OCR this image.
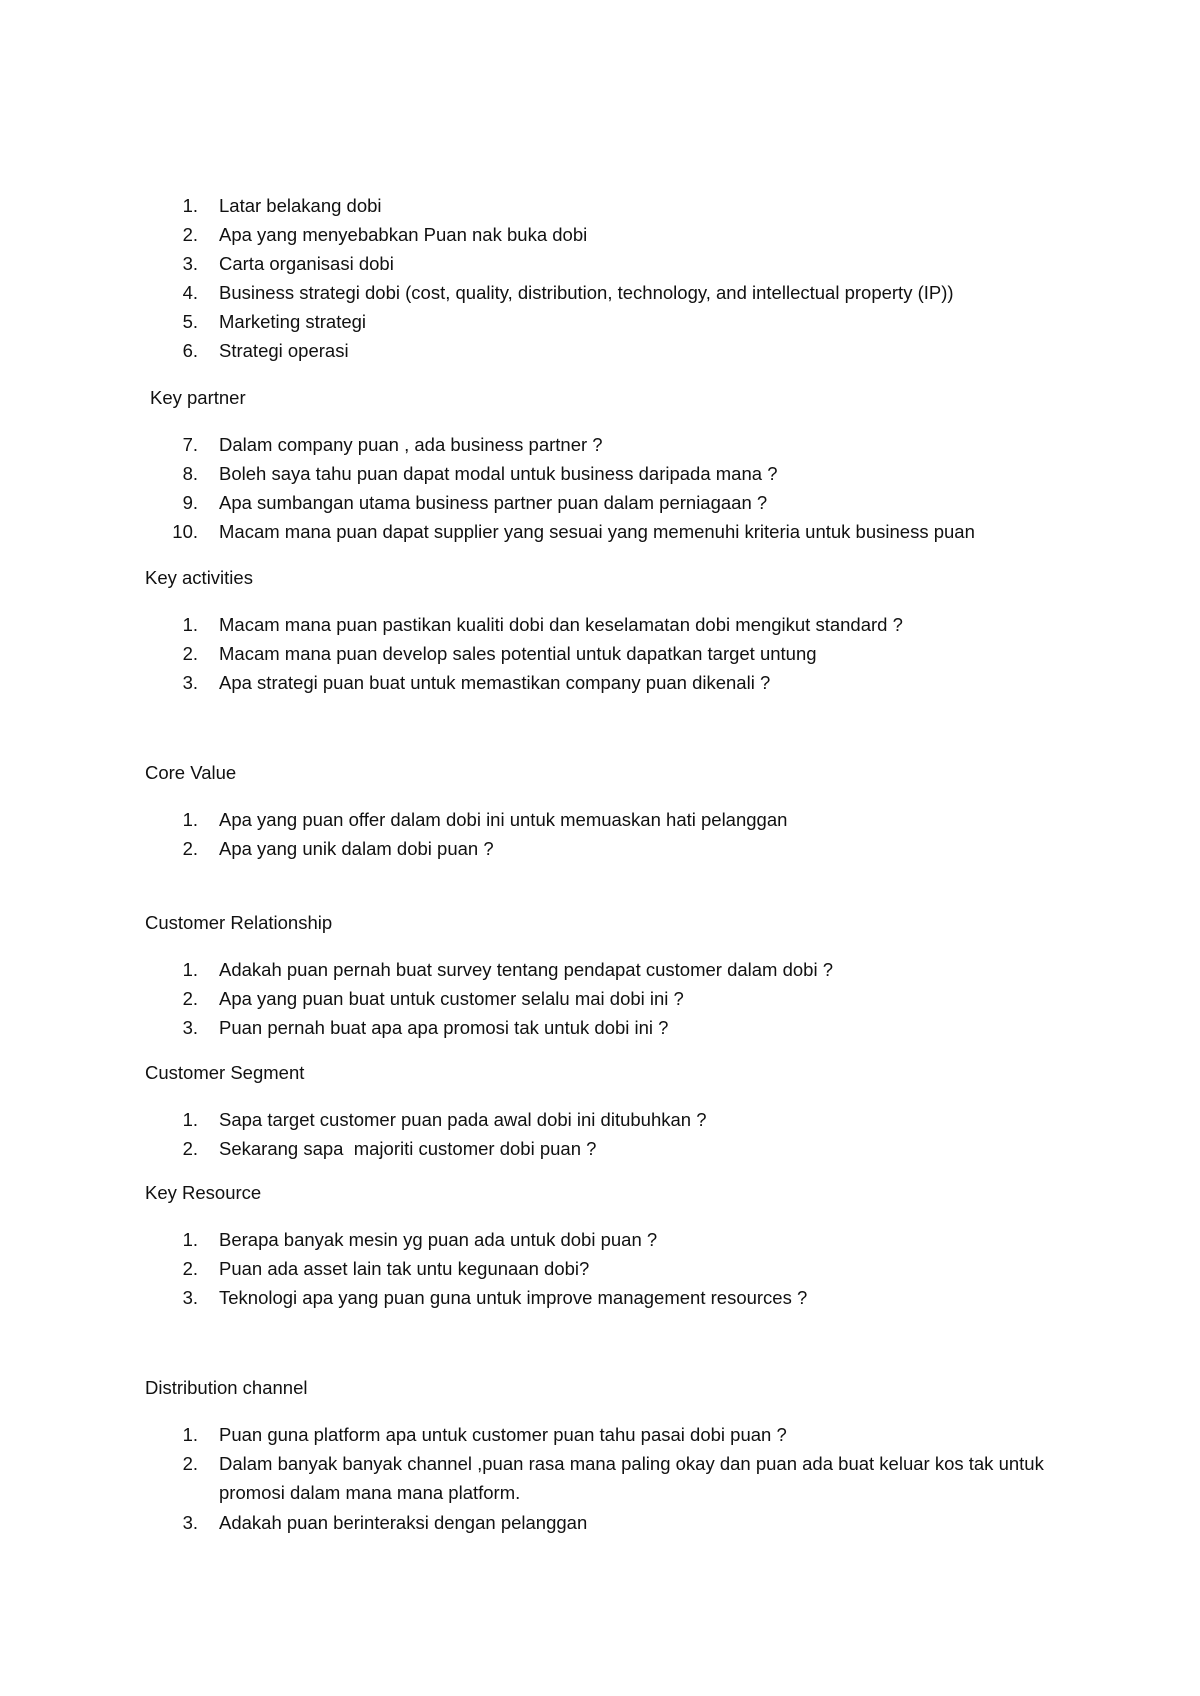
1. Latar belakang dobi
2. Apa yang menyebabkan Puan nak buka dobi
3. Carta organisasi dobi
4. Business strategi dobi (cost, quality, distribution, technology, and intellectual property (IP))
5. Marketing strategi
6. Strategi operasi
Key partner
7. Dalam company puan , ada business partner ?
8. Boleh saya tahu puan dapat modal untuk business daripada mana ?
9. Apa sumbangan utama business partner puan dalam perniagaan ?
10. Macam mana puan dapat supplier yang sesuai yang memenuhi kriteria untuk business puan
Key activities
1. Macam mana puan pastikan kualiti dobi dan keselamatan dobi mengikut standard ?
2. Macam mana puan develop sales potential untuk dapatkan target untung
3. Apa strategi puan buat untuk memastikan company puan dikenali ?
Core Value
1. Apa yang puan offer dalam dobi ini untuk memuaskan hati pelanggan
2. Apa yang unik dalam dobi puan ?
Customer Relationship
1. Adakah puan pernah buat survey tentang pendapat customer dalam dobi ?
2. Apa yang puan buat untuk customer selalu mai dobi ini ?
3. Puan pernah buat apa apa promosi tak untuk dobi ini ?
Customer Segment
1. Sapa target customer puan pada awal dobi ini ditubuhkan ?
2. Sekarang sapa  majoriti customer dobi puan ?
Key Resource
1. Berapa banyak mesin yg puan ada untuk dobi puan ?
2. Puan ada asset lain tak untu kegunaan dobi?
3. Teknologi apa yang puan guna untuk improve management resources ?
Distribution channel
1. Puan guna platform apa untuk customer puan tahu pasai dobi puan ?
2. Dalam banyak banyak channel ,puan rasa mana paling okay dan puan ada buat keluar kos tak untuk promosi dalam mana mana platform.
3. Adakah puan berinteraksi dengan pelanggan
